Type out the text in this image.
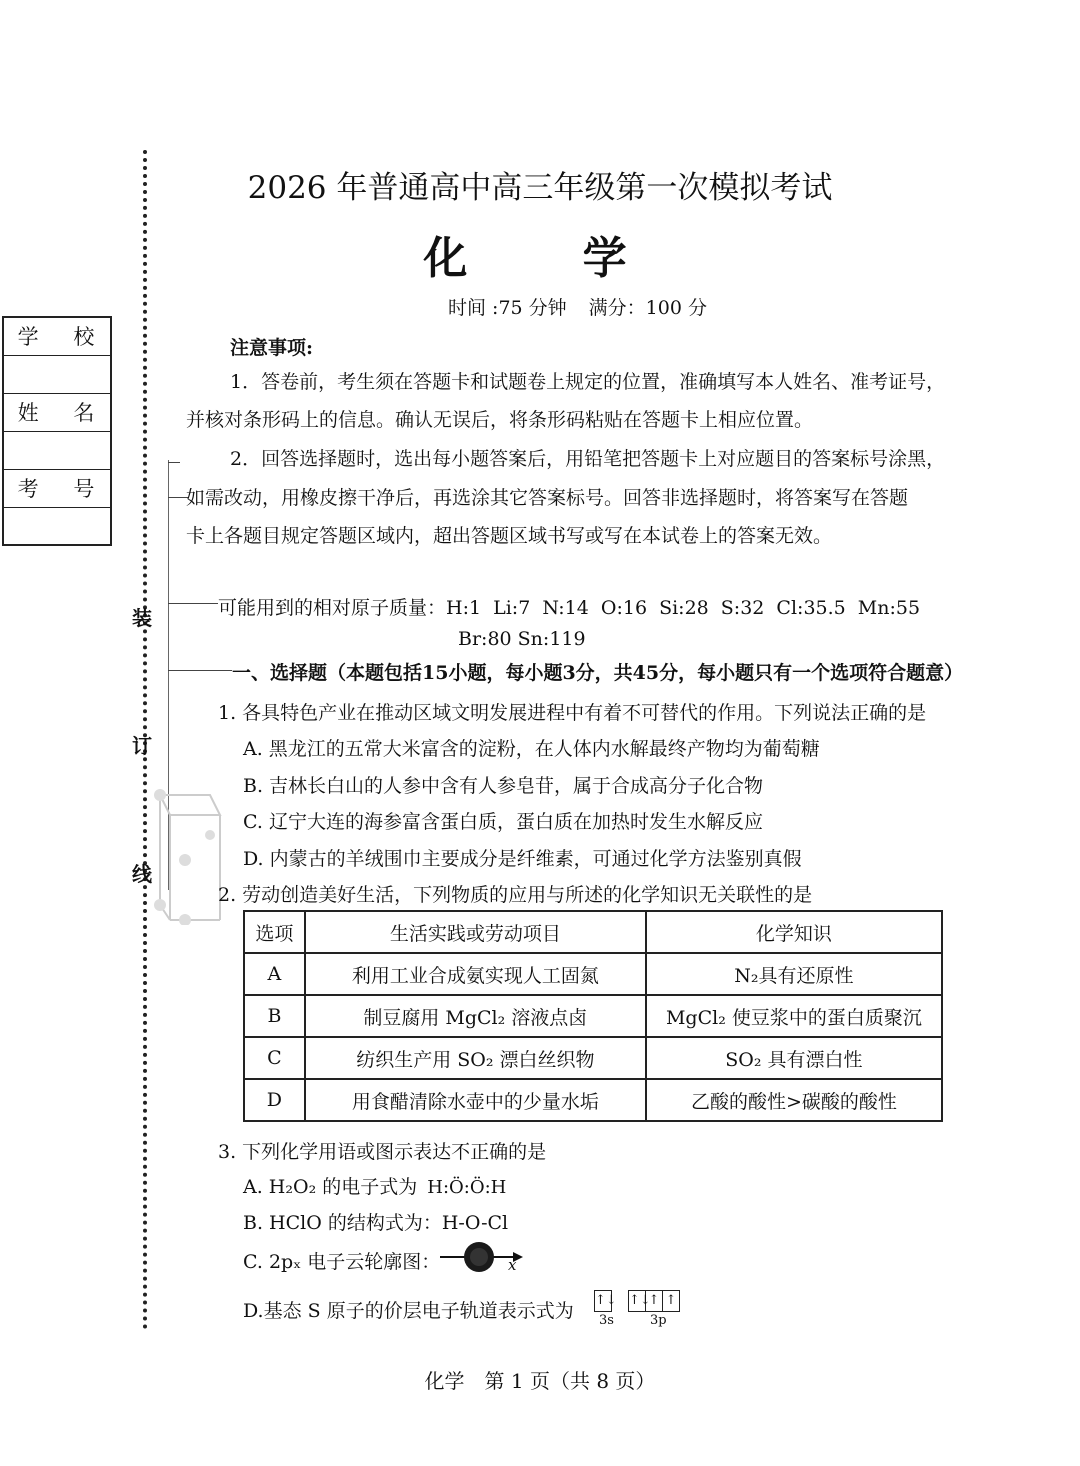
装
订
线
学 校
姓 名
考 号
2026 年普通高中高三年级第一次模拟考试
化 学
时间 :75 分钟 满分：100 分
注意事项:
1．答卷前，考生须在答题卡和试题卷上规定的位置，准确填写本人姓名、准考证号，
并核对条形码上的信息。确认无误后，将条形码粘贴在答题卡上相应位置。
2．回答选择题时，选出每小题答案后，用铅笔把答题卡上对应题目的答案标号涂黑，
如需改动，用橡皮擦干净后，再选涂其它答案标号。回答非选择题时，将答案写在答题
卡上各题目规定答题区域内，超出答题区域书写或写在本试卷上的答案无效。
可能用到的相对原子质量：H:1 Li:7 N:14 O:16 Si:28 S:32 Cl:35.5 Mn:55
Br:80 Sn:119
一、选择题（本题包括15小题，每小题3分，共45分，每小题只有一个选项符合题意）
1. 各具特色产业在推动区域文明发展进程中有着不可替代的作用。下列说法正确的是
A. 黑龙江的五常大米富含的淀粉，在人体内水解最终产物均为葡萄糖
B. 吉林长白山的人参中含有人参皂苷，属于合成高分子化合物
C. 辽宁大连的海参富含蛋白质，蛋白质在加热时发生水解反应
D. 内蒙古的羊绒围巾主要成分是纤维素，可通过化学方法鉴别真假
2. 劳动创造美好生活，下列物质的应用与所述的化学知识无关联性的是
选项	生活实践或劳动项目	化学知识
A	利用工业合成氨实现人工固氮	N₂具有还原性
B	制豆腐用 MgCl₂ 溶液点卤	MgCl₂ 使豆浆中的蛋白质聚沉
C	纺织生产用 SO₂ 漂白丝织物	SO₂ 具有漂白性
D	用食醋清除水壶中的少量水垢	乙酸的酸性>碳酸的酸性
3. 下列化学用语或图示表达不正确的是
A. H₂O₂ 的电子式为 H:Ö:Ö:H
B. HClO 的结构式为：H-O-Cl
C. 2pₓ 电子云轮廓图：	x
D.基态 S 原子的价层电子轨道表示式为 ↑↓ ↑↓↑ ↑
3s	3p
化学　第 1 页（共 8 页）
